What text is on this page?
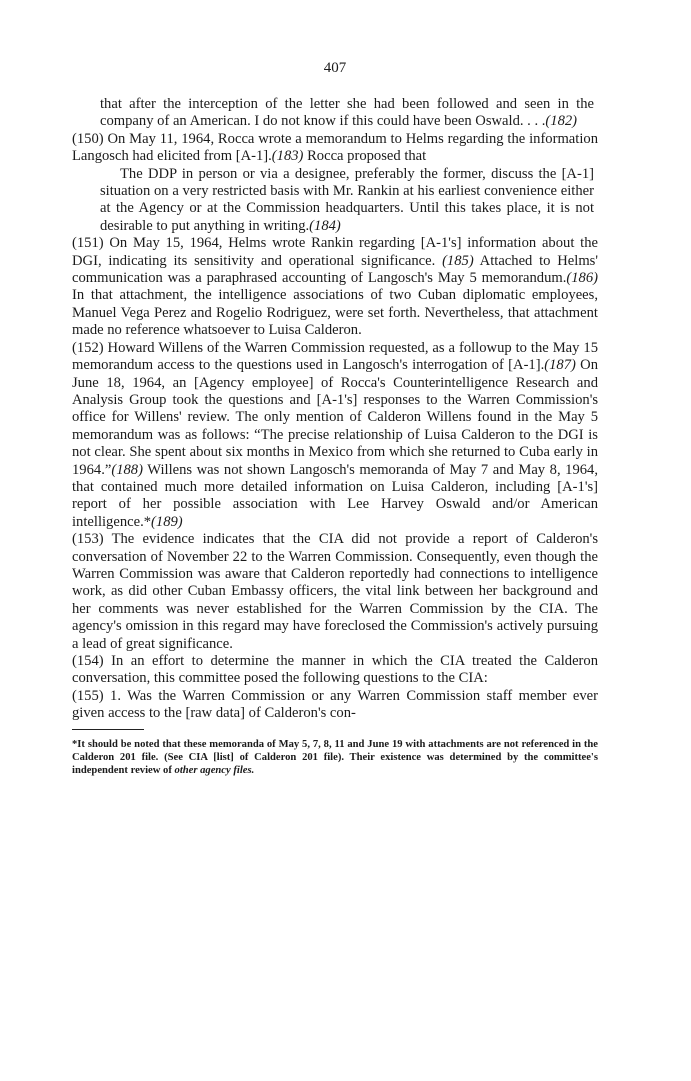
407

that after the interception of the letter she had been followed and seen in the company of an American. I do not know if this could have been Oswald. . . .(182)

(150) On May 11, 1964, Rocca wrote a memorandum to Helms regarding the information Langosch had elicited from [A-1].(183) Rocca proposed that

The DDP in person or via a designee, preferably the former, discuss the [A-1] situation on a very restricted basis with Mr. Rankin at his earliest convenience either at the Agency or at the Commission headquarters. Until this takes place, it is not desirable to put anything in writing.(184)

(151) On May 15, 1964, Helms wrote Rankin regarding [A-1's] information about the DGI, indicating its sensitivity and operational significance. (185) Attached to Helms' communication was a paraphrased accounting of Langosch's May 5 memorandum.(186) In that attachment, the intelligence associations of two Cuban diplomatic employees, Manuel Vega Perez and Rogelio Rodriguez, were set forth. Nevertheless, that attachment made no reference whatsoever to Luisa Calderon.

(152) Howard Willens of the Warren Commission requested, as a followup to the May 15 memorandum access to the questions used in Langosch's interrogation of [A-1].(187) On June 18, 1964, an [Agency employee] of Rocca's Counterintelligence Research and Analysis Group took the questions and [A-1's] responses to the Warren Commission's office for Willens' review. The only mention of Calderon Willens found in the May 5 memorandum was as follows: “The precise relationship of Luisa Calderon to the DGI is not clear. She spent about six months in Mexico from which she returned to Cuba early in 1964.”(188) Willens was not shown Langosch's memoranda of May 7 and May 8, 1964, that contained much more detailed information on Luisa Calderon, including [A-1's] report of her possible association with Lee Harvey Oswald and/or American intelligence.*(189)

(153) The evidence indicates that the CIA did not provide a report of Calderon's conversation of November 22 to the Warren Commission. Consequently, even though the Warren Commission was aware that Calderon reportedly had connections to intelligence work, as did other Cuban Embassy officers, the vital link between her background and her comments was never established for the Warren Commission by the CIA. The agency's omission in this regard may have foreclosed the Commission's actively pursuing a lead of great significance.

(154) In an effort to determine the manner in which the CIA treated the Calderon conversation, this committee posed the following questions to the CIA:

(155) 1. Was the Warren Commission or any Warren Commission staff member ever given access to the [raw data] of Calderon's con-

*It should be noted that these memoranda of May 5, 7, 8, 11 and June 19 with attachments are not referenced in the Calderon 201 file. (See CIA [list] of Calderon 201 file). Their existence was determined by the committee's independent review of other agency files.
